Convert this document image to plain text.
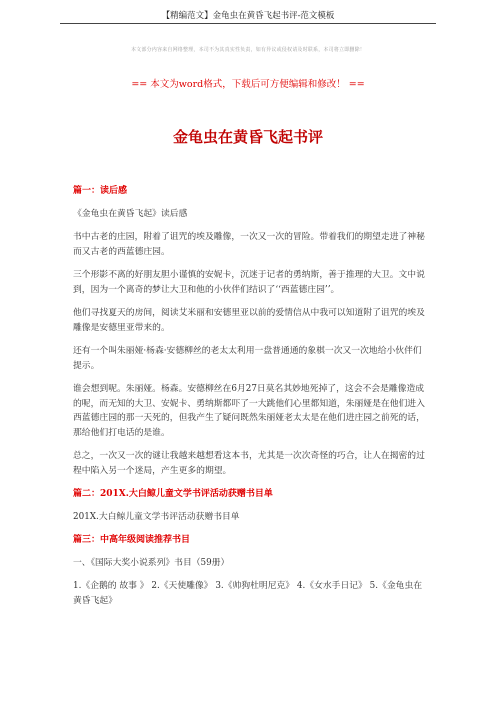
【精编范文】金龟虫在黄昏飞起书评-范文模板
本文部分内容来自网络整理，本司不为其真实性负责，如有异议或侵权请及时联系，本司将立即删除！
== 本文为word格式，下载后可方便编辑和修改！ ==
金龟虫在黄昏飞起书评
篇一：读后感

《金龟虫在黄昏飞起》读后感

书中古老的庄园，附着了诅咒的埃及雕像，一次又一次的冒险。带着我们的期望走进了神秘而又古老的西蓝德庄园。

三个形影不离的好朋友胆小谨慎的安妮卡，沉迷于记者的勇纳斯，善于推理的大卫。文中说到，因为一个离奇的梦让大卫和他的小伙伴们结识了‘‘西蓝德庄园’’。

他们寻找夏天的房间，阅读艾米丽和安德里亚以前的爱情信从中我可以知道附了诅咒的埃及雕像是安德里亚带来的。

还有一个叫朱丽娅·杨森·安德柳丝的老太太利用一盘普通通的象棋一次又一次地给小伙伴们提示。

谁会想到呢。朱丽娅。杨森。安德柳丝在6月27日莫名其妙地死掉了，这会不会是雕像造成的呢，而无知的大卫、安妮卡、勇纳斯都吓了一大跳他们心里都知道，朱丽娅是在他们进入西蓝德庄园的那一天死的，但我产生了疑问既然朱丽娅老太太是在他们进庄园之前死的话，那给他们打电话的是谁。

总之，一次又一次的谜让我越来越想看这本书，尤其是一次次奇怪的巧合，让人在揭密的过程中陷入另一个迷局，产生更多的期望。

篇二：201X.大白鲸儿童文学书评活动获赠书目单

201X.大白鲸儿童文学书评活动获赠书目单

篇三：中高年级阅读推荐书目

一、《国际大奖小说系列》书目（59册）

1.《企鹅的 故事 》 2.《天使雕像》 3.《帅狗杜明尼克》 4.《女水手日记》 5.《金龟虫在黄昏飞起》
